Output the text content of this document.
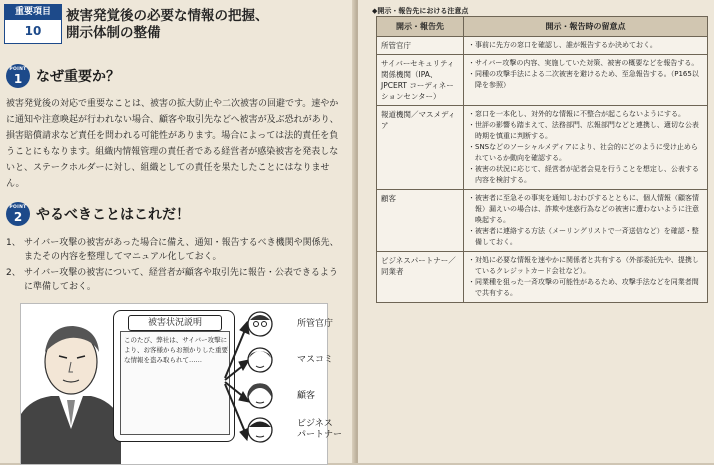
重要項目
10
被害発覚後の必要な情報の把握、
開示体制の整備
POINT
1 なぜ重要か？
被害発覚後の対応で重要なことは、被害の拡大防止や二次被害の回避です。速やかに通知や注意喚起が行われない場合、顧客や取引先などへ被害が及ぶ恐れがあり、損害賠償請求など責任を問われる可能性があります。場合によっては法的責任を負うことにもなります。組織内情報管理の責任者である経営者が感染被害を発表しないと、ステークホルダーに対し、組織としての責任を果たしたことにはなりません。
POINT
2 やるべきことはこれだ！
1、 サイバー攻撃の被害があった場合に備え、通知・報告するべき機関や関係先、またその内容を整理してマニュアル化しておく。
2、 サイバー攻撃の被害について、経営者が顧客や取引先に報告・公表できるように準備しておく。
被害状況説明
このたび、弊社は、サイバー攻撃により、お客様からお預かりした重要な情報を盗み取られて……
所管官庁
マスコミ
顧客
ビジネス
パートナー
◆開示・報告先における注意点
開示・報告先	開示・報告時の留意点
所管官庁	・事前に先方の窓口を確認し、誰が報告するか決めておく。

サイバーセキュリティ関係機関（IPA、JPCERT コーディネーションセンター）	・サイバー攻撃の内容、実施していた対策、被害の概要などを報告する。
・同種の攻撃手法による二次被害を避けるため、至急報告する。（P165以降を参照）

報道機関／マスメディア	・窓口を一本化し、対外的な情報に不整合が起こらないようにする。
・世評の影響も踏まえて、法務部門、広報部門などと連携し、適切な公表時期を慎重に判断する。
・SNSなどのソーシャルメディアにより、社会的にどのように受け止められているか動向を確認する。
・被害の状況に応じて、経営者が記者会見を行うことを想定し、公表する内容を検討する。

顧客	・被害者に至急その事実を通知しおわびするとともに、個人情報（顧客情報）漏えいの場合は、詐欺や迷惑行為などの被害に遭わないように注意喚起する。
・被害者に連絡する方法（メーリングリストで一斉送信など）を確認・整備しておく。

ビジネスパートナー／同業者	・対処に必要な情報を速やかに関係者と共有する（外部委託先や、提携しているクレジットカード会社など）。
・同業種を狙った一斉攻撃の可能性があるため、攻撃手法などを同業者間で共有する。
